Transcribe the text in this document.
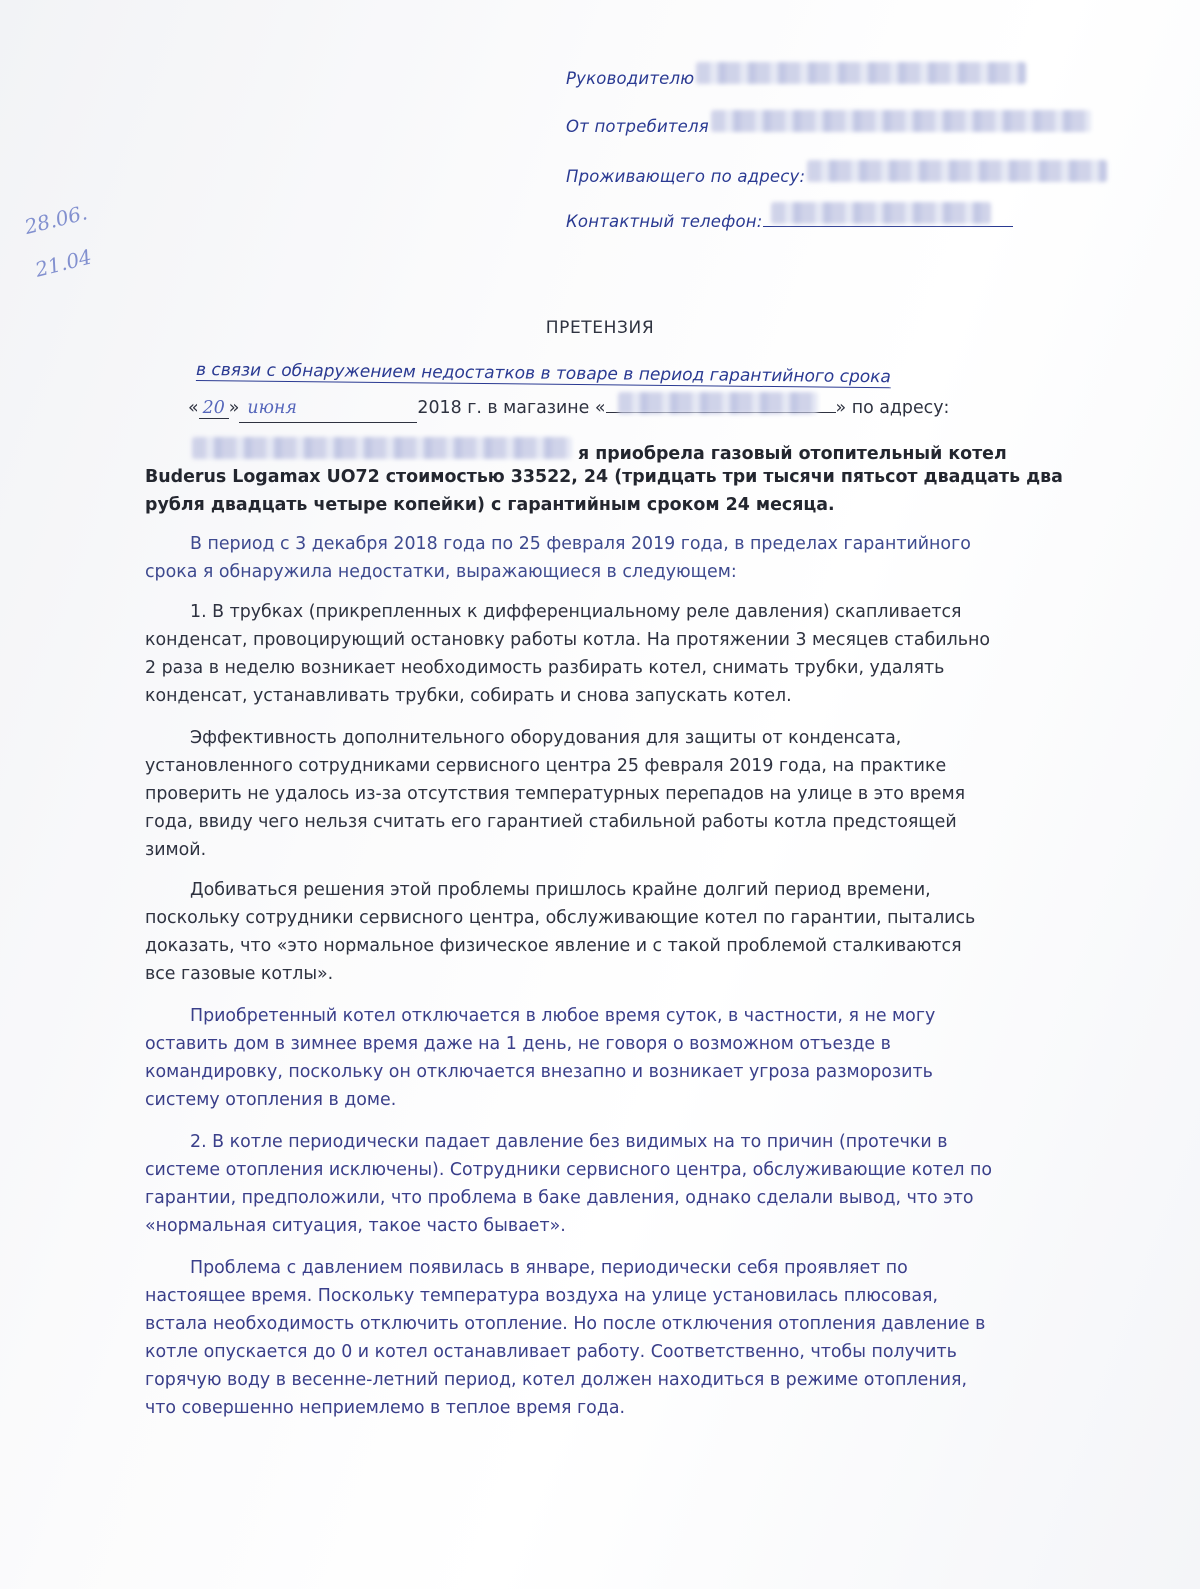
Руководителю
От потребителя
Проживающего по адресу:
Контактный телефон:
28.06.
21.04
ПРЕТЕНЗИЯ
в связи с обнаружением недостатков в товаре в период гарантийного срока
« 20 » июня	2018 г. в магазине «	» по адресу:
я приобрела газовый отопительный котел
Buderus Logamax UO72 стоимостью 33522, 24 (тридцать три тысячи пятьсот двадцать два
рубля двадцать четыре копейки) с гарантийным сроком 24 месяца.
В период с 3 декабря 2018 года по 25 февраля 2019 года, в пределах гарантийного
срока я обнаружила недостатки, выражающиеся в следующем:
1. В трубках (прикрепленных к дифференциальному реле давления) скапливается
конденсат, провоцирующий остановку работы котла. На протяжении 3 месяцев стабильно
2 раза в неделю возникает необходимость разбирать котел, снимать трубки, удалять
конденсат, устанавливать трубки, собирать и снова запускать котел.
Эффективность дополнительного оборудования для защиты от конденсата,
установленного сотрудниками сервисного центра 25 февраля 2019 года, на практике
проверить не удалось из-за отсутствия температурных перепадов на улице в это время
года, ввиду чего нельзя считать его гарантией стабильной работы котла предстоящей
зимой.
Добиваться решения этой проблемы пришлось крайне долгий период времени,
поскольку сотрудники сервисного центра, обслуживающие котел по гарантии, пытались
доказать, что «это нормальное физическое явление и с такой проблемой сталкиваются
все газовые котлы».
Приобретенный котел отключается в любое время суток, в частности, я не могу
оставить дом в зимнее время даже на 1 день, не говоря о возможном отъезде в
командировку, поскольку он отключается внезапно и возникает угроза разморозить
систему отопления в доме.
2. В котле периодически падает давление без видимых на то причин (протечки в
системе отопления исключены). Сотрудники сервисного центра, обслуживающие котел по
гарантии, предположили, что проблема в баке давления, однако сделали вывод, что это
«нормальная ситуация, такое часто бывает».
Проблема с давлением появилась в январе, периодически себя проявляет по
настоящее время. Поскольку температура воздуха на улице установилась плюсовая,
встала необходимость отключить отопление. Но после отключения отопления давление в
котле опускается до 0 и котел останавливает работу. Соответственно, чтобы получить
горячую воду в весенне-летний период, котел должен находиться в режиме отопления,
что совершенно неприемлемо в теплое время года.
